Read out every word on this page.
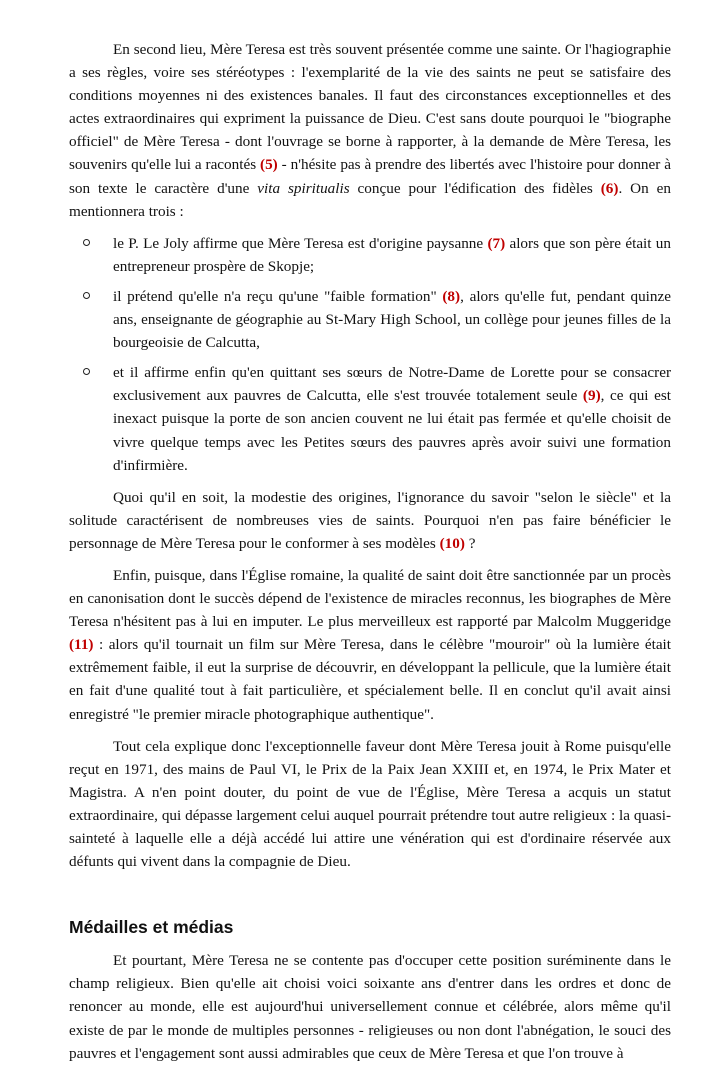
En second lieu, Mère Teresa est très souvent présentée comme une sainte. Or l'hagiographie a ses règles, voire ses stéréotypes : l'exemplarité de la vie des saints ne peut se satisfaire des conditions moyennes ni des existences banales. Il faut des circonstances exceptionnelles et des actes extraordinaires qui expriment la puissance de Dieu. C'est sans doute pourquoi le "biographe officiel" de Mère Teresa - dont l'ouvrage se borne à rapporter, à la demande de Mère Teresa, les souvenirs qu'elle lui a racontés (5) - n'hésite pas à prendre des libertés avec l'histoire pour donner à son texte le caractère d'une vita spiritualis conçue pour l'édification des fidèles (6). On en mentionnera trois :

le P. Le Joly affirme que Mère Teresa est d'origine paysanne (7) alors que son père était un entrepreneur prospère de Skopje;
il prétend qu'elle n'a reçu qu'une "faible formation" (8), alors qu'elle fut, pendant quinze ans, enseignante de géographie au St-Mary High School, un collège pour jeunes filles de la bourgeoisie de Calcutta,
et il affirme enfin qu'en quittant ses sœurs de Notre-Dame de Lorette pour se consacrer exclusivement aux pauvres de Calcutta, elle s'est trouvée totalement seule (9), ce qui est inexact puisque la porte de son ancien couvent ne lui était pas fermée et qu'elle choisit de vivre quelque temps avec les Petites sœurs des pauvres après avoir suivi une formation d'infirmière.

Quoi qu'il en soit, la modestie des origines, l'ignorance du savoir "selon le siècle" et la solitude caractérisent de nombreuses vies de saints. Pourquoi n'en pas faire bénéficier le personnage de Mère Teresa pour le conformer à ses modèles (10) ?

Enfin, puisque, dans l'Église romaine, la qualité de saint doit être sanctionnée par un procès en canonisation dont le succès dépend de l'existence de miracles reconnus, les biographes de Mère Teresa n'hésitent pas à lui en imputer. Le plus merveilleux est rapporté par Malcolm Muggeridge (11) : alors qu'il tournait un film sur Mère Teresa, dans le célèbre "mouroir" où la lumière était extrêmement faible, il eut la surprise de découvrir, en développant la pellicule, que la lumière était en fait d'une qualité tout à fait particulière, et spécialement belle. Il en conclut qu'il avait ainsi enregistré "le premier miracle photographique authentique".

Tout cela explique donc l'exceptionnelle faveur dont Mère Teresa jouit à Rome puisqu'elle reçut en 1971, des mains de Paul VI, le Prix de la Paix Jean XXIII et, en 1974, le Prix Mater et Magistra. A n'en point douter, du point de vue de l'Église, Mère Teresa a acquis un statut extraordinaire, qui dépasse largement celui auquel pourrait prétendre tout autre religieux : la quasi-sainteté à laquelle elle a déjà accédé lui attire une vénération qui est d'ordinaire réservée aux défunts qui vivent dans la compagnie de Dieu.

Médailles et médias

Et pourtant, Mère Teresa ne se contente pas d'occuper cette position suréminente dans le champ religieux. Bien qu'elle ait choisi voici soixante ans d'entrer dans les ordres et donc de renoncer au monde, elle est aujourd'hui universellement connue et célébrée, alors même qu'il existe de par le monde de multiples personnes - religieuses ou non dont l'abnégation, le souci des pauvres et l'engagement sont aussi admirables que ceux de Mère Teresa et que l'on trouve à
